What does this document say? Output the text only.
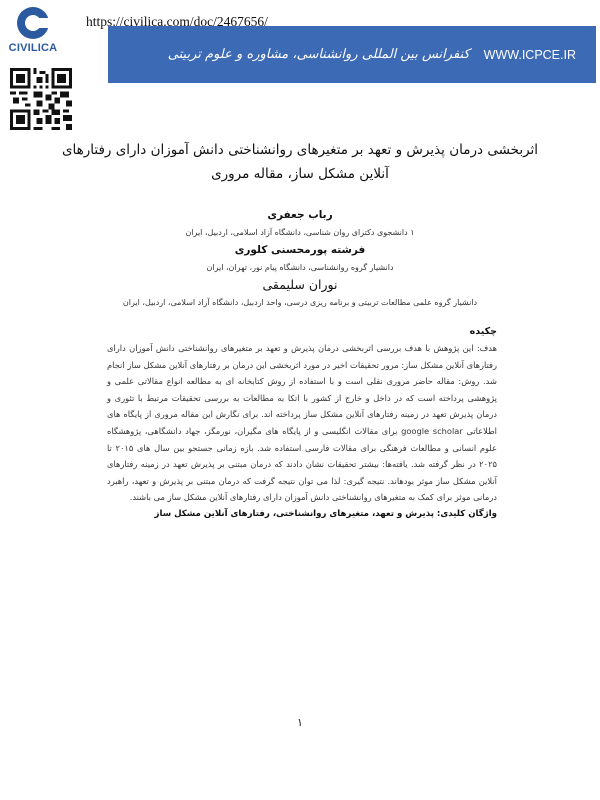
CIVILICA
https://civilica.com/doc/2467656/
کنفرانس بین المللی روانشناسی، مشاوره و علوم تربیتی WWW.ICPCE.IR
اثربخشی درمان پذیرش و تعهد بر متغیرهای روانشناختی دانش آموزان دارای رفتارهای آنلاین مشکل ساز، مقاله مروری
رباب جعفری
۱ دانشجوی دکترای روان شناسی، دانشگاه آزاد اسلامی، اردبیل، ایران
فرشته پورمحسنی کلوری
دانشیار گروه روانشناسی، دانشگاه پیام نور، تهران، ایران
نوران سلیمقی
دانشیار گروه علمی مطالعات تربیتی و برنامه ریزی درسی، واحد اردبیل، دانشگاه آزاد اسلامی، اردبیل، ایران
چکیده
هدف: این پژوهش با هدف بررسی اثربخشی درمان پذیرش و تعهد بر متغیرهای روانشناختی دانش آموزان دارای رفتارهای آنلاین مشکل ساز: مرور تحقیقات اخیر در مورد اثربخشی این درمان بر رفتارهای آنلاین مشکل ساز انجام شد. روش: مقاله حاضر مروری نقلی است و با استفاده از روش کتابخانه ای به مطالعه انواع مقالاتی علمی و پژوهشی پرداخته است که در داخل و خارج از کشور با اتکا به مطالعات به بررسی تحقیقات مرتبط با تئوری و درمان پذیرش تعهد در زمینه رفتارهای آنلاین مشکل ساز پرداخته اند. برای نگارش این مقاله مروری از پایگاه های اطلاعاتی google scholar برای مقالات انگلیسی و از پایگاه های مگیران، نورمگز، جهاد دانشگاهی، پژوهشگاه علوم انسانی و مطالعات فرهنگی برای مقالات فارسی استفاده شد. بازه زمانی جستجو بین سال های ۲۰۱۵ تا ۲۰۲۵ در نظر گرفته شد. یافته‌ها: بیشتر تحقیقات نشان دادند که درمان مبتنی بر پذیرش تعهد در زمینه رفتارهای آنلاین مشکل ساز موثر بودهاند. نتیجه گیری: لذا می توان نتیجه گرفت که درمان مبتنی بر پذیرش و تعهد، راهبرد درمانی موثر برای کمک به متغیرهای روانشناختی دانش آموزان دارای رفتارهای آنلاین مشکل ساز می باشند.
واژگان کلیدی: پذیرش و تعهد، متغیرهای روانشناختی، رفتارهای آنلاین مشکل ساز
۱
